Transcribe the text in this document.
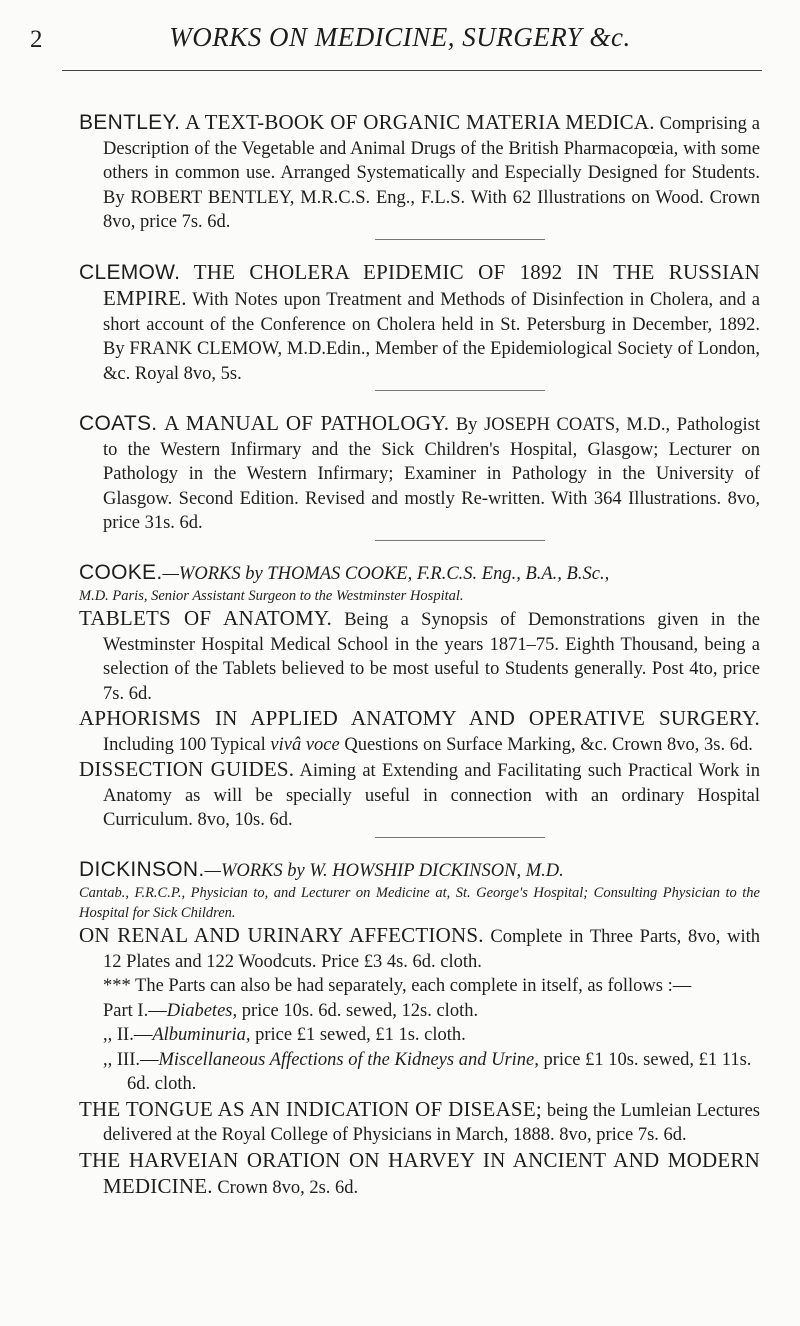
2	WORKS ON MEDICINE, SURGERY &c.

BENTLEY. A TEXT-BOOK OF ORGANIC MATERIA MEDICA. Comprising a Description of the Vegetable and Animal Drugs of the British Pharmacopœia, with some others in common use. Arranged Systematically and Especially Designed for Students. By ROBERT BENTLEY, M.R.C.S. Eng., F.L.S. With 62 Illustrations on Wood. Crown 8vo, price 7s. 6d.

CLEMOW. THE CHOLERA EPIDEMIC OF 1892 IN THE RUSSIAN EMPIRE. With Notes upon Treatment and Methods of Disinfection in Cholera, and a short account of the Conference on Cholera held in St. Petersburg in December, 1892. By FRANK CLEMOW, M.D.Edin., Member of the Epidemiological Society of London, &c. Royal 8vo, 5s.

COATS. A MANUAL OF PATHOLOGY. By JOSEPH COATS, M.D., Pathologist to the Western Infirmary and the Sick Children's Hospital, Glasgow; Lecturer on Pathology in the Western Infirmary; Examiner in Pathology in the University of Glasgow. Second Edition. Revised and mostly Re-written. With 364 Illustrations. 8vo, price 31s. 6d.

COOKE.—WORKS by THOMAS COOKE, F.R.C.S. Eng., B.A., B.Sc.,

M.D. Paris, Senior Assistant Surgeon to the Westminster Hospital.

TABLETS OF ANATOMY. Being a Synopsis of Demonstrations given in the Westminster Hospital Medical School in the years 1871–75. Eighth Thousand, being a selection of the Tablets believed to be most useful to Students generally. Post 4to, price 7s. 6d.

APHORISMS IN APPLIED ANATOMY AND OPERATIVE SURGERY. Including 100 Typical vivâ voce Questions on Surface Marking, &c. Crown 8vo, 3s. 6d.

DISSECTION GUIDES. Aiming at Extending and Facilitating such Practical Work in Anatomy as will be specially useful in connection with an ordinary Hospital Curriculum. 8vo, 10s. 6d.

DICKINSON.—WORKS by W. HOWSHIP DICKINSON, M.D.

Cantab., F.R.C.P., Physician to, and Lecturer on Medicine at, St. George's Hospital; Consulting Physician to the Hospital for Sick Children.

ON RENAL AND URINARY AFFECTIONS. Complete in Three Parts, 8vo, with 12 Plates and 122 Woodcuts. Price £3 4s. 6d. cloth.

*** The Parts can also be had separately, each complete in itself, as follows :—

Part I.—Diabetes, price 10s. 6d. sewed, 12s. cloth.

,, II.—Albuminuria, price £1 sewed, £1 1s. cloth.

,, III.—Miscellaneous Affections of the Kidneys and Urine, price £1 10s. sewed, £1 11s. 6d. cloth.

THE TONGUE AS AN INDICATION OF DISEASE; being the Lumleian Lectures delivered at the Royal College of Physicians in March, 1888. 8vo, price 7s. 6d.

THE HARVEIAN ORATION ON HARVEY IN ANCIENT AND MODERN MEDICINE. Crown 8vo, 2s. 6d.
